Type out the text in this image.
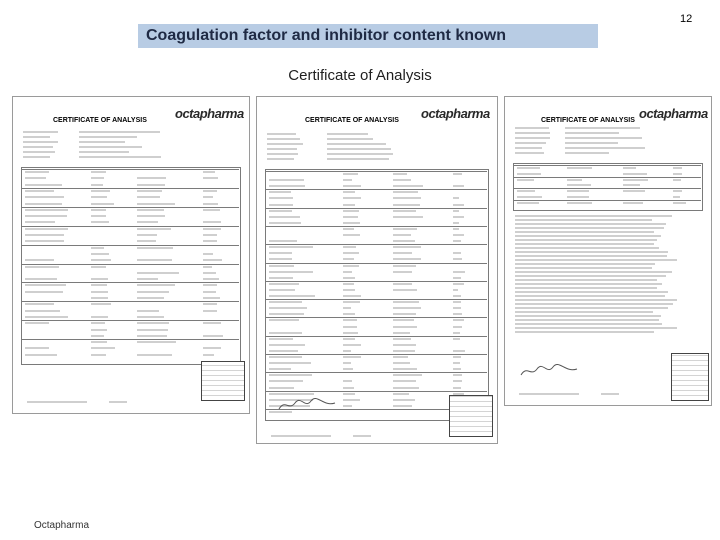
12
Coagulation factor and inhibitor content known
Certificate of Analysis
octapharma
CERTIFICATE OF ANALYSIS	octapharma
CERTIFICATE OF ANALYSIS	octapharma
CERTIFICATE OF ANALYSIS
Octapharma
